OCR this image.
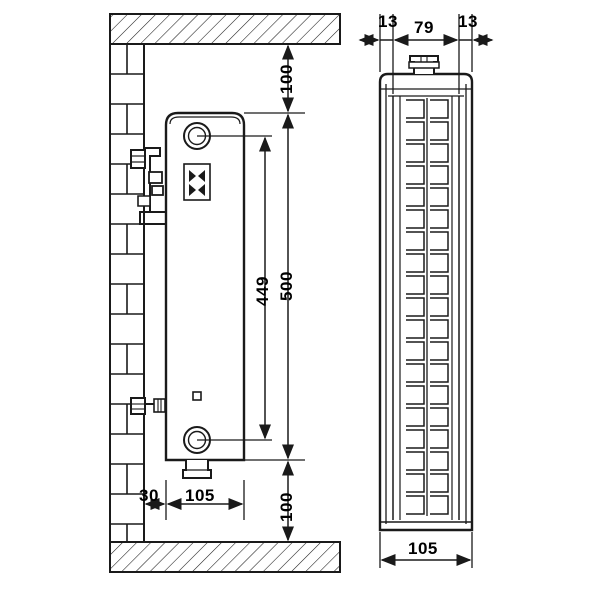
100
500
449
100
30 105
13 79 13
105
